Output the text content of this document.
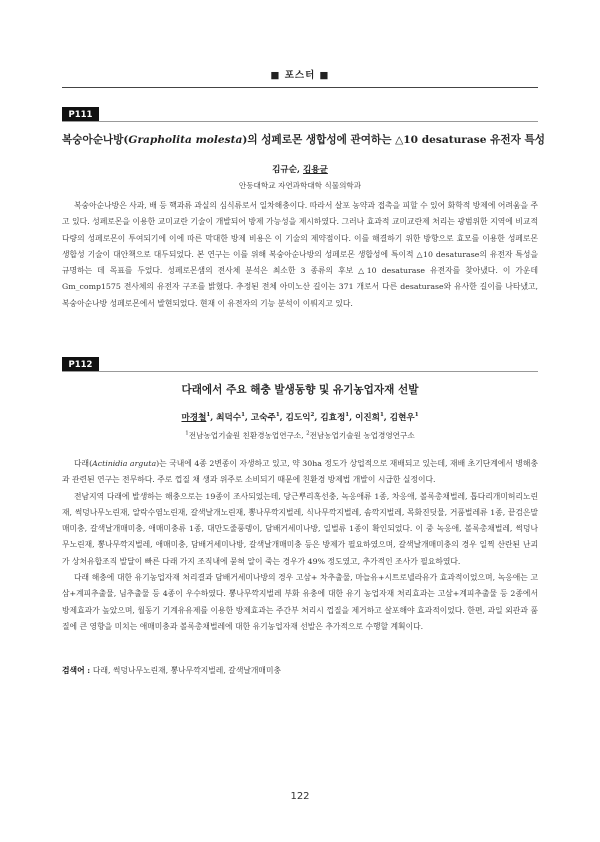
■ 포스터 ■
P111
복숭아순나방(Grapholita molesta)의 성페로몬 생합성에 관여하는 △10 desaturase 유전자 특성
김규순, 김용균
안동대학교 자연과학대학 식물의학과

복숭아순나방은 사과, 배 등 핵과류 과실의 심식류로서 일차해충이다. 따라서 살포 농약과 접촉을 피할 수 있어 화학적 방제에 어려움을 주고 있다. 성페로몬을 이용한 교미교란 기술이 개발되어 방제 가능성을 제시하였다. 그러나 효과적 교미교란제 처리는 광범위한 지역에 비교적 다량의 성페로몬이 투여되기에 이에 따른 막대한 방제 비용은 이 기술의 제약점이다. 이를 해결하기 위한 방향으로 효모를 이용한 성페로몬 생합성 기술이 대안책으로 대두되었다. 본 연구는 이를 위해 복숭아순나방의 성페로몬 생합성에 특이적 △10 desaturase의 유전자 특성을 규명하는 데 목표를 두었다. 성페로몬샘의 전사체 분석은 최소한 3 종류의 후보 △10 desaturase 유전자를 찾아냈다. 이 가운데 Gm_comp1575 전사체의 유전자 구조를 밝혔다. 추정된 전체 아미노산 길이는 371 개로서 다른 desaturase와 유사한 길이를 나타냈고, 복숭아순나방 성페로몬에서 발현되었다. 현재 이 유전자의 기능 분석이 이뤄지고 있다.

P112
다래에서 주요 해충 발생동향 및 유기농업자재 선발
마경철$^1$, 최덕수$^1$, 고숙주$^1$, 김도익$^2$, 김효정$^1$, 이진희$^1$, 김현우$^1$
$^1$전남농업기술원 친환경농업연구소, $^2$전남농업기술원 농업경영연구소

다래(Actinidia arguta)는 국내에 4종 2변종이 자생하고 있고, 약 30ha 정도가 상업적으로 재배되고 있는데, 재배 초기단계에서 병해충과 관련된 연구는 전무하다. 주로 껍질 채 생과 위주로 소비되기 때문에 친환경 방제법 개발이 시급한 실정이다.

전남지역 다래에 발생하는 해충으로는 19종이 조사되었는데, 당근뿌리혹선충, 녹응애류 1종, 차응애, 볼록총채벌레, 톱다리개미허리노린재, 썩덩나무노린재, 알락수염노린재, 갈색날개노린재, 뽕나무깍지벌레, 식나무깍지벌레, 솜깍지벌레, 목화진딧물, 거품벌레류 1종, 끝검은말매미충, 갈색날개매미충, 애매미충류 1종, 대만도줄풍뎅이, 담배거세미나방, 일벌류 1종이 확인되었다. 이 중 녹응애, 볼록총채벌레, 썩덩나무노린재, 뽕나무깍지벌레, 애매미충, 담배거세미나방, 갈색날개매미충 등은 방제가 필요하였으며, 갈색날개매미충의 경우 일찍 산란된 난괴가 상처유합조직 발달이 빠른 다래 가지 조직내에 묻혀 알이 죽는 경우가 49% 정도였고, 추가적인 조사가 필요하였다.

다래 해충에 대한 유기농업자재 처리결과 담배거세미나방의 경우 고삼+ 차추출물, 마늘유+시트로넬라유가 효과적이었으며, 녹응애는 고삼+계피추출물, 님추출물 등 4종이 우수하였다. 뽕나무깍지벌레 부화 유충에 대한 유기 농업자재 처리효과는 고삼+계피추출물 등 2종에서 방제효과가 높았으며, 월동기 기계유유제를 이용한 방제효과는 주간부 처리시 껍질을 제거하고 살포해야 효과적이었다. 한편, 과일 외관과 품질에 큰 영향을 미치는 애매미충과 볼록총채벌레에 대한 유기농업자재 선발은 추가적으로 수행할 계획이다.

검색어 : 다래, 썩덩나무노린재, 뽕나무깍지벌레, 갈색날개매미충
122
